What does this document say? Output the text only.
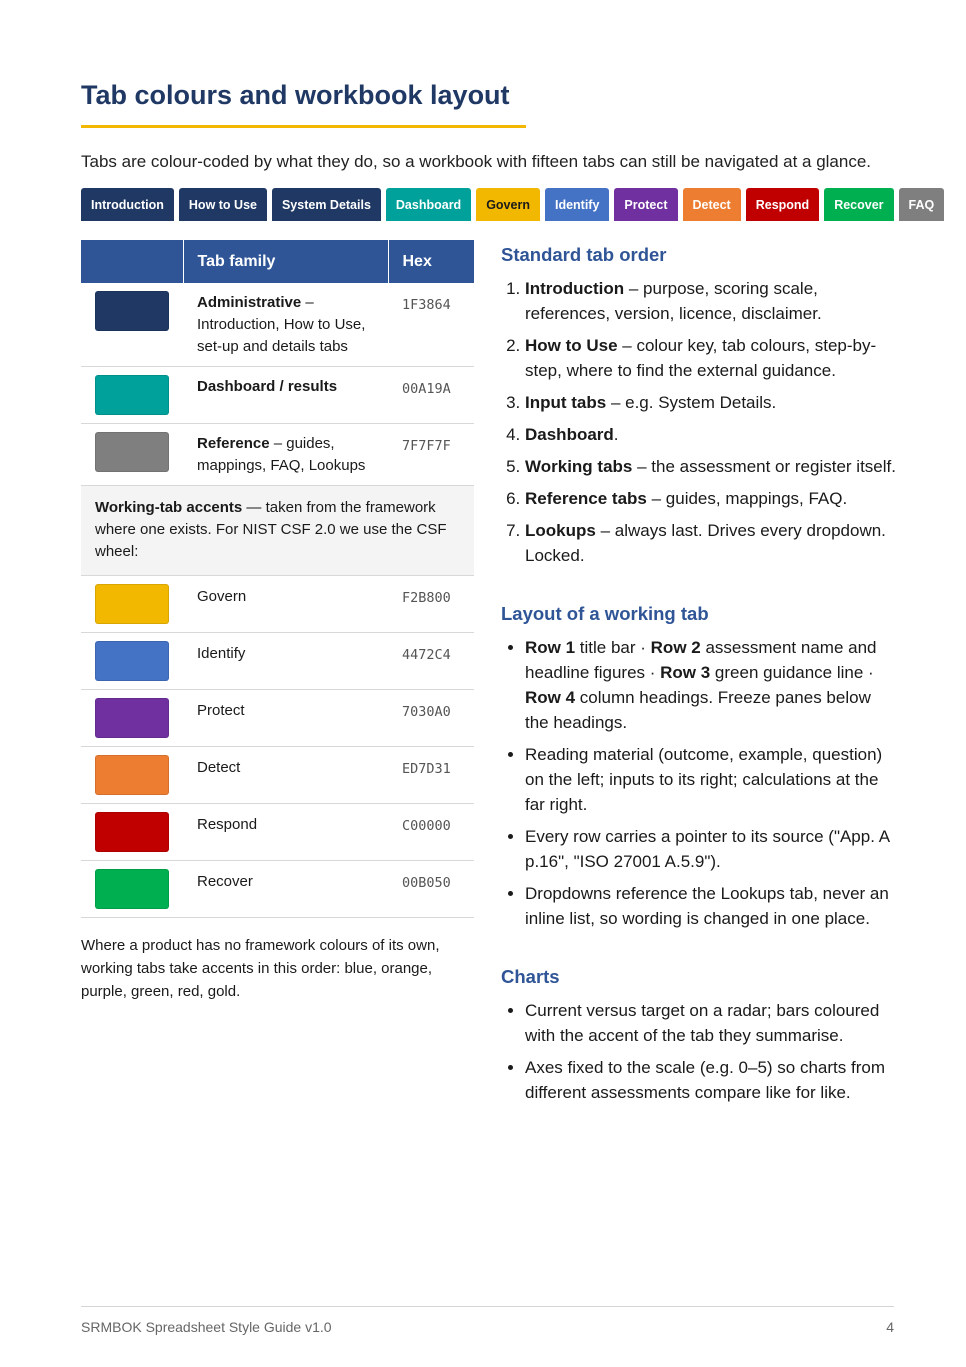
Tab colours and workbook layout

Tabs are colour-coded by what they do, so a workbook with fifteen tabs can still be navigated at a glance.

Introduction How to Use System Details Dashboard Govern Identify Protect Detect Respond Recover FAQ
	Tab family	Hex

	Administrative – Introduction, How to Use, set-up and details tabs	1F3864

	Dashboard / results	00A19A

	Reference – guides, mappings, FAQ, Lookups	7F7F7F
Working-tab accents — taken from the framework where one exists. For NIST CSF 2.0 we use the CSF wheel:		

	Govern	F2B800

	Identify	4472C4

	Protect	7030A0

	Detect	ED7D31

	Respond	C00000

	Recover	00B050

Where a product has no framework colours of its own, working tabs take accents in this order: blue, orange, purple, green, red, gold.

Standard tab order
1. Introduction – purpose, scoring scale, references, version, licence, disclaimer.
2. How to Use – colour key, tab colours, step-by-step, where to find the external guidance.
3. Input tabs – e.g. System Details.
4. Dashboard.
5. Working tabs – the assessment or register itself.
6. Reference tabs – guides, mappings, FAQ.
7. Lookups – always last. Drives every dropdown. Locked.
Layout of a working tab
• Row 1 title bar · Row 2 assessment name and headline figures · Row 3 green guidance line · Row 4 column headings. Freeze panes below the headings.
• Reading material (outcome, example, question) on the left; inputs to its right; calculations at the far right.
• Every row carries a pointer to its source ("App. A p.16", "ISO 27001 A.5.9").
• Dropdowns reference the Lookups tab, never an inline list, so wording is changed in one place.
Charts
• Current versus target on a radar; bars coloured with the accent of the tab they summarise.
• Axes fixed to the scale (e.g. 0–5) so charts from different assessments compare like for like.
SRMBOK Spreadsheet Style Guide v1.0	4
